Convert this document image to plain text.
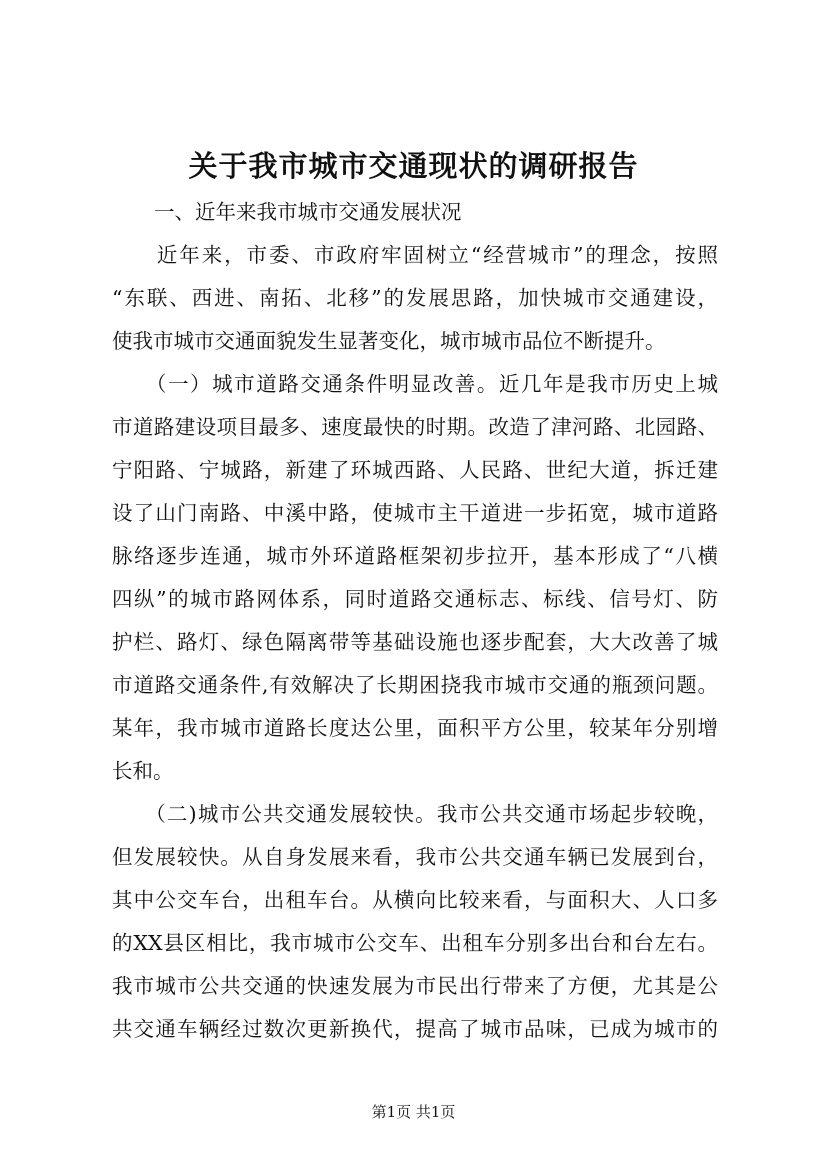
关于我市城市交通现状的调研报告
一、近年来我市城市交通发展状况
　　近年来，市委、市政府牢固树立“经营城市”的理念，按照
“东联、西进、南拓、北移”的发展思路，加快城市交通建设，
使我市城市交通面貌发生显著变化，城市城市品位不断提升。
　　（一）城市道路交通条件明显改善。近几年是我市历史上城
市道路建设项目最多、速度最快的时期。改造了津河路、北园路、
宁阳路、宁城路，新建了环城西路、人民路、世纪大道，拆迁建
设了山门南路、中溪中路，使城市主干道进一步拓宽，城市道路
脉络逐步连通，城市外环道路框架初步拉开，基本形成了“八横
四纵”的城市路网体系，同时道路交通标志、标线、信号灯、防
护栏、路灯、绿色隔离带等基础设施也逐步配套，大大改善了城
市道路交通条件,有效解决了长期困挠我市城市交通的瓶颈问题。
某年，我市城市道路长度达公里，面积平方公里，较某年分别增
长和。
　　（二)城市公共交通发展较快。我市公共交通市场起步较晚，
但发展较快。从自身发展来看，我市公共交通车辆已发展到台，
其中公交车台，出租车台。从横向比较来看，与面积大、人口多
的XX县区相比，我市城市公交车、出租车分别多出台和台左右。
我市城市公共交通的快速发展为市民出行带来了方便，尤其是公
共交通车辆经过数次更新换代，提高了城市品味，已成为城市的
第1页 共1页
